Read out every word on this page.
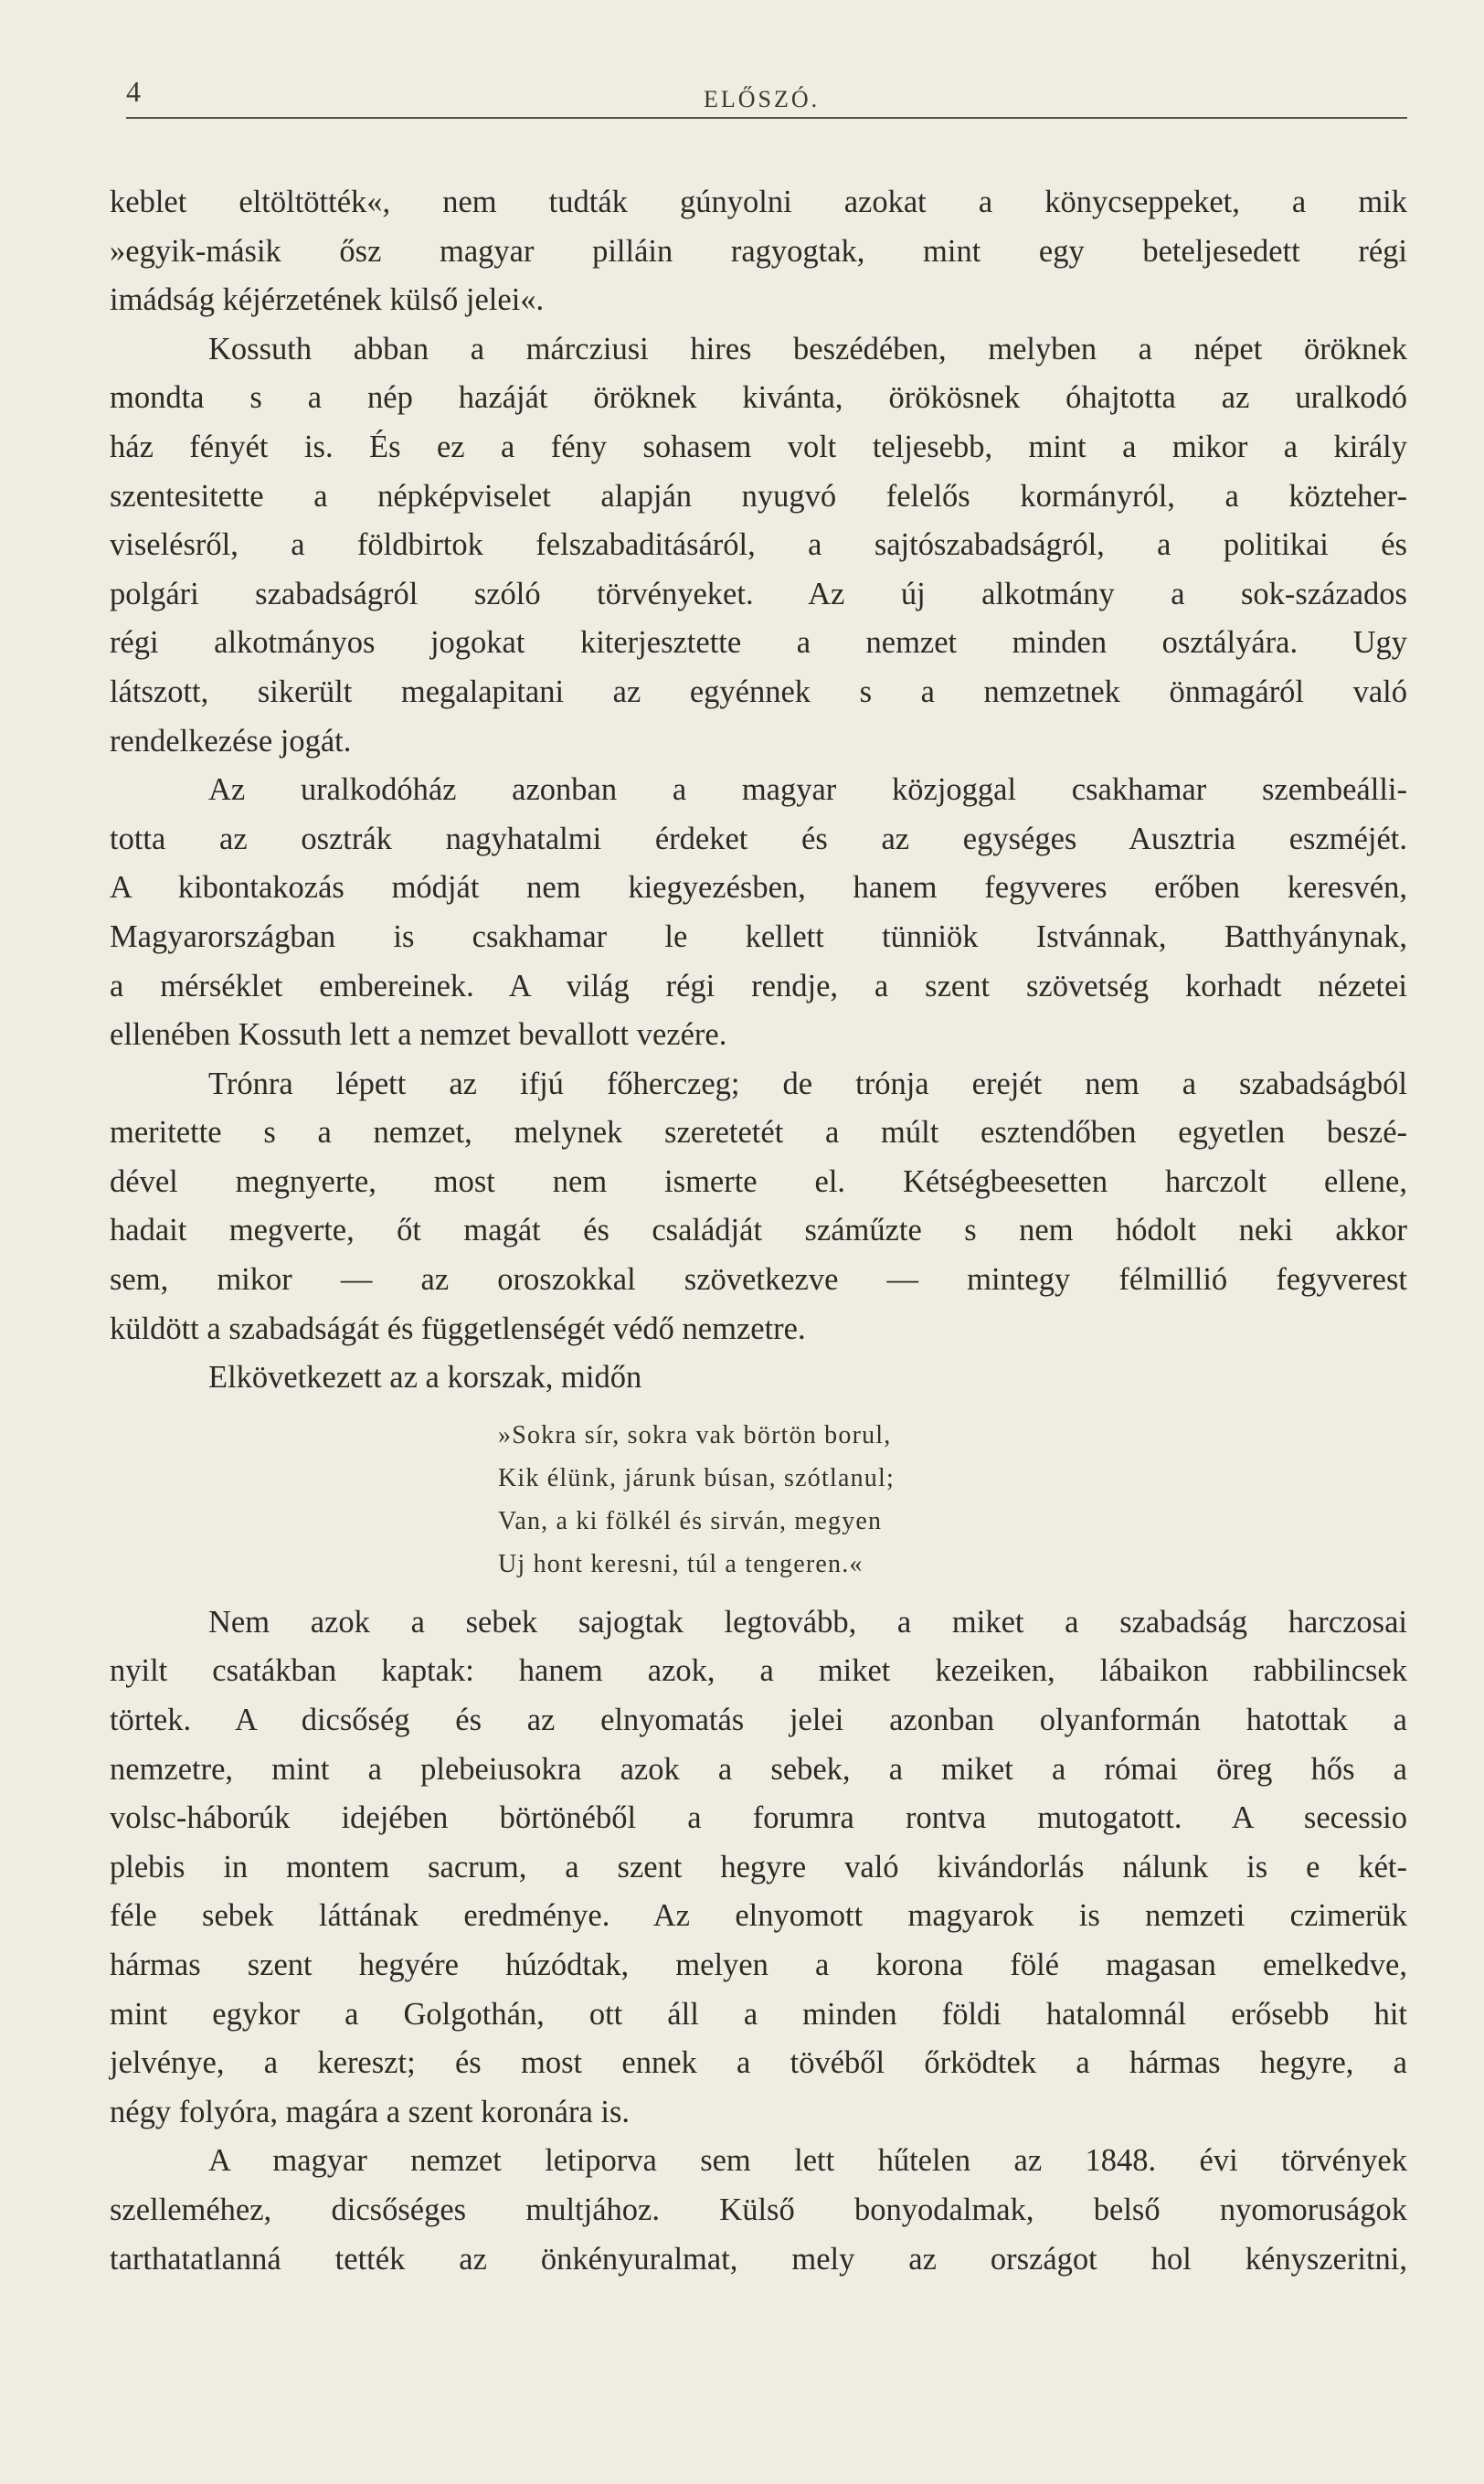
4	ELŐSZÓ.
keblet eltöltötték«, nem tudták gúnyolni azokat a könycseppeket, a mik
»egyik-másik ősz magyar pilláin ragyogtak, mint egy beteljesedett régi
imádság kéjérzetének külső jelei«.
Kossuth abban a márcziusi hires beszédében, melyben a népet öröknek
mondta s a nép hazáját öröknek kivánta, örökösnek óhajtotta az uralkodó
ház fényét is. És ez a fény sohasem volt teljesebb, mint a mikor a király
szentesitette a népképviselet alapján nyugvó felelős kormányról, a közteher-
viselésről, a földbirtok felszabaditásáról, a sajtószabadságról, a politikai és
polgári szabadságról szóló törvényeket. Az új alkotmány a sok-százados
régi alkotmányos jogokat kiterjesztette a nemzet minden osztályára. Ugy
látszott, sikerült megalapitani az egyénnek s a nemzetnek önmagáról való
rendelkezése jogát.
Az uralkodóház azonban a magyar közjoggal csakhamar szembeálli-
totta az osztrák nagyhatalmi érdeket és az egységes Ausztria eszméjét.
A kibontakozás módját nem kiegyezésben, hanem fegyveres erőben keresvén,
Magyarországban is csakhamar le kellett tünniök Istvánnak, Batthyánynak,
a mérséklet embereinek. A világ régi rendje, a szent szövetség korhadt nézetei
ellenében Kossuth lett a nemzet bevallott vezére.
Trónra lépett az ifjú főherczeg; de trónja erejét nem a szabadságból
meritette s a nemzet, melynek szeretetét a múlt esztendőben egyetlen beszé-
dével megnyerte, most nem ismerte el. Kétségbeesetten harczolt ellene,
hadait megverte, őt magát és családját száműzte s nem hódolt neki akkor
sem, mikor — az oroszokkal szövetkezve — mintegy félmillió fegyverest
küldött a szabadságát és függetlenségét védő nemzetre.
Elkövetkezett az a korszak, midőn
»Sokra sír, sokra vak börtön borul,
Kik élünk, járunk búsan, szótlanul;
Van, a ki fölkél és sirván, megyen
Uj hont keresni, túl a tengeren.«
Nem azok a sebek sajogtak legtovább, a miket a szabadság harczosai
nyilt csatákban kaptak: hanem azok, a miket kezeiken, lábaikon rabbilincsek
törtek. A dicsőség és az elnyomatás jelei azonban olyanformán hatottak a
nemzetre, mint a plebeiusokra azok a sebek, a miket a római öreg hős a
volsc-háborúk idejében börtönéből a forumra rontva mutogatott. A secessio
plebis in montem sacrum, a szent hegyre való kivándorlás nálunk is e két-
féle sebek láttának eredménye. Az elnyomott magyarok is nemzeti czimerük
hármas szent hegyére húzódtak, melyen a korona fölé magasan emelkedve,
mint egykor a Golgothán, ott áll a minden földi hatalomnál erősebb hit
jelvénye, a kereszt; és most ennek a tövéből őrködtek a hármas hegyre, a
négy folyóra, magára a szent koronára is.
A magyar nemzet letiporva sem lett hűtelen az 1848. évi törvények
szelleméhez, dicsőséges multjához. Külső bonyodalmak, belső nyomoruságok
tarthatatlanná tették az önkényuralmat, mely az országot hol kényszeritni,
